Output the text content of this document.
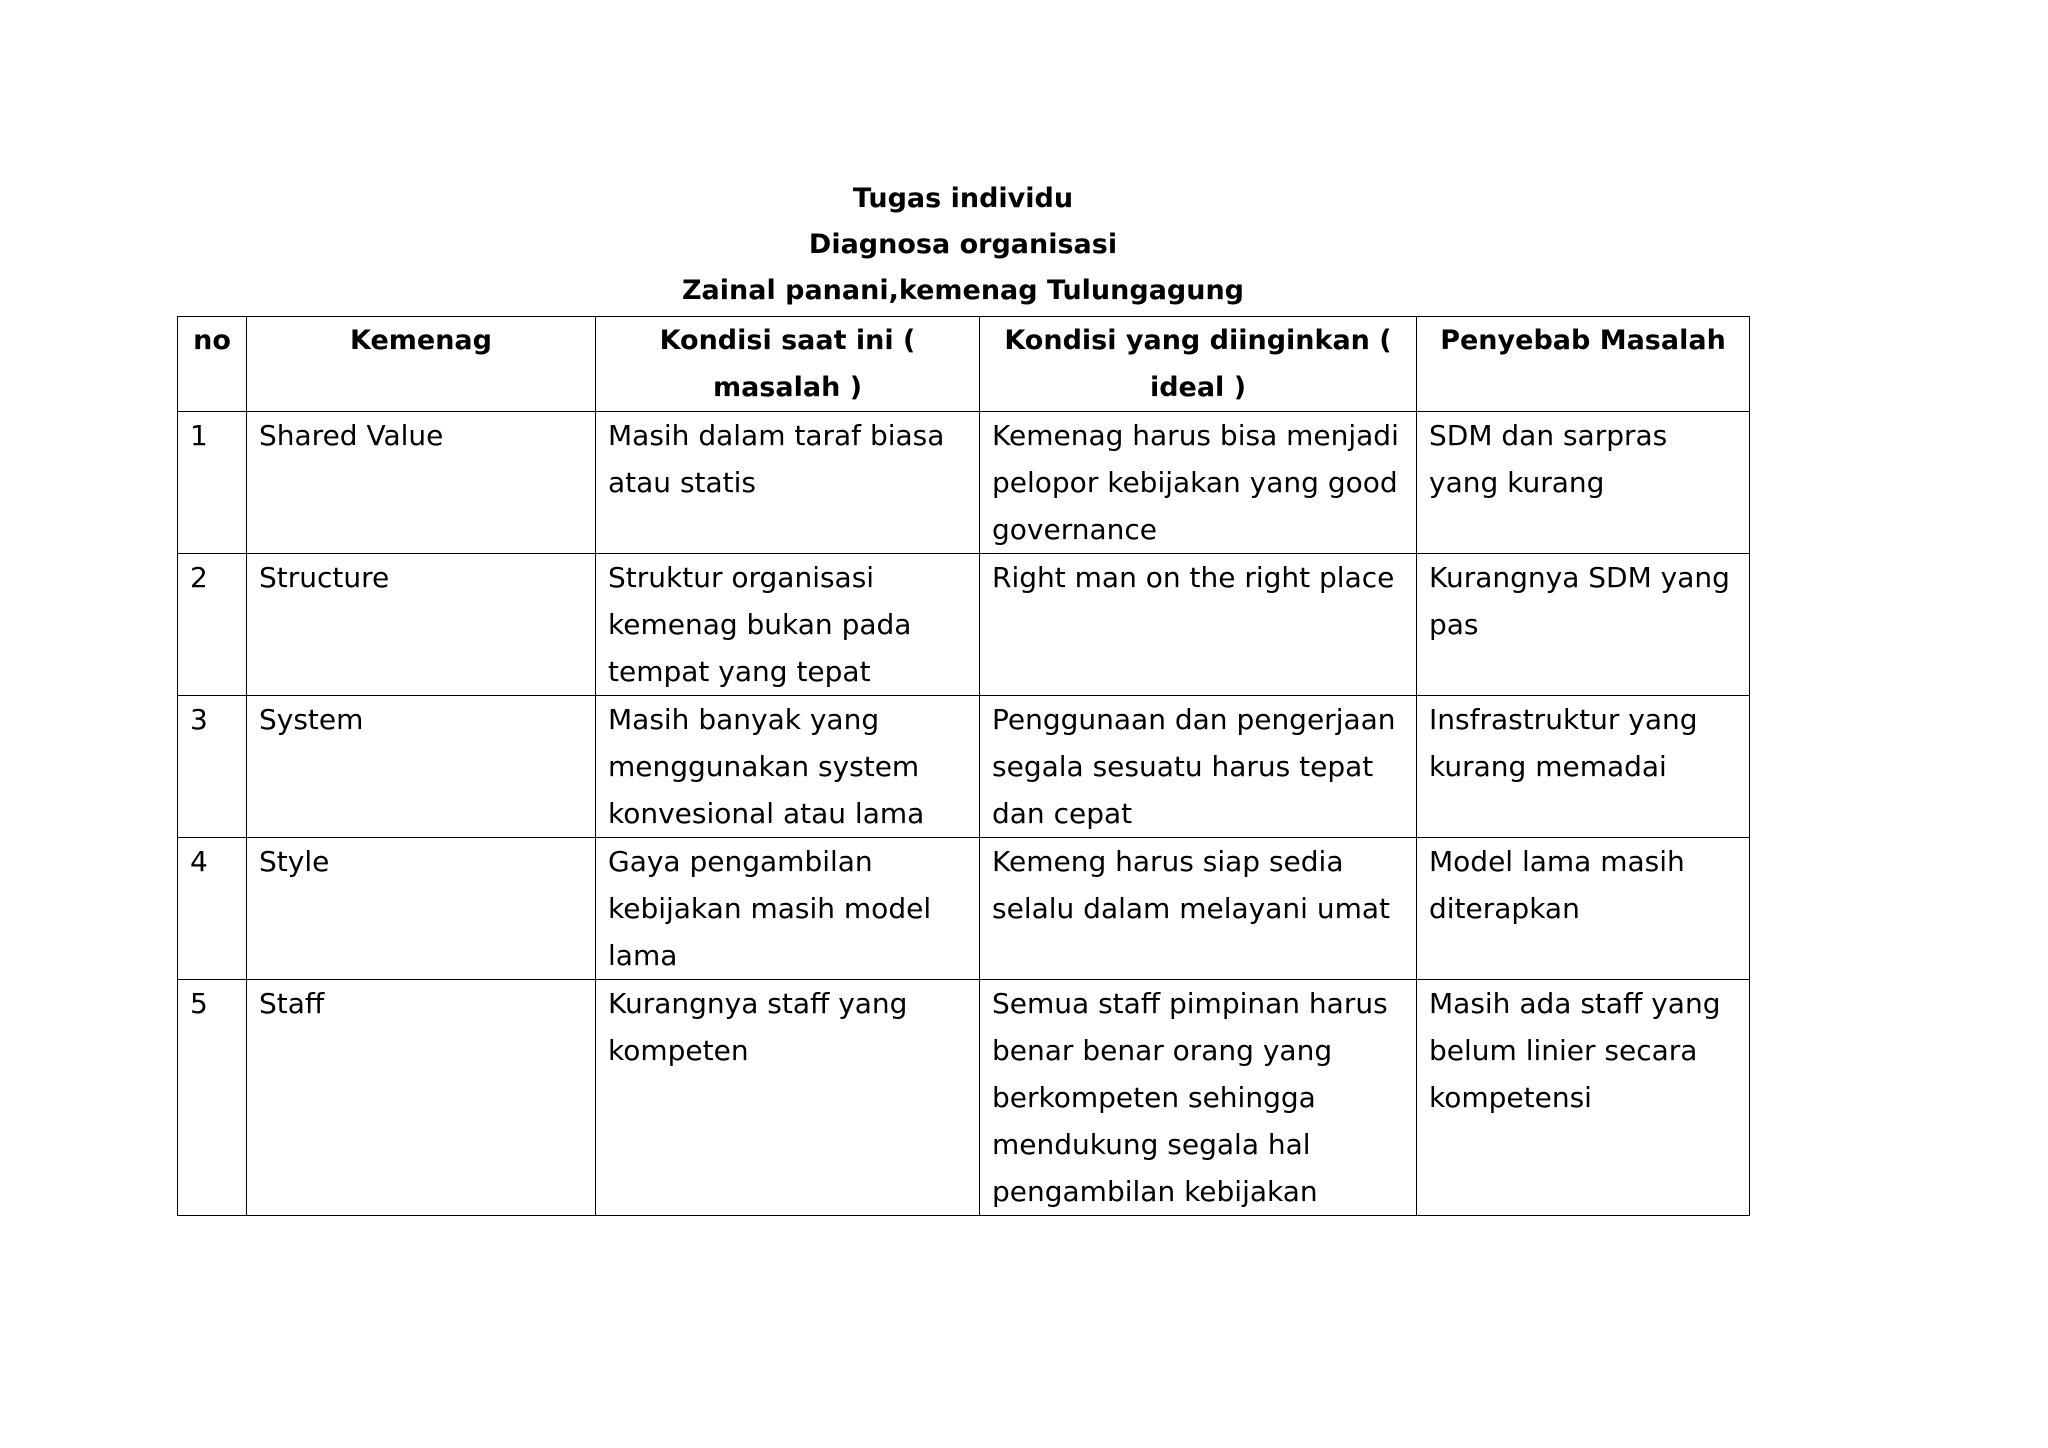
Tugas individu
Diagnosa organisasi
Zainal panani,kemenag Tulungagung
no	Kemenag	Kondisi saat ini ( masalah )	Kondisi yang diinginkan ( ideal )	Penyebab Masalah
1	Shared Value	Masih dalam taraf biasa atau statis	Kemenag harus bisa menjadi pelopor kebijakan yang good governance	SDM dan sarpras yang kurang
2	Structure	Struktur organisasi kemenag bukan pada tempat yang tepat	Right man on the right place	Kurangnya SDM yang pas
3	System	Masih banyak yang menggunakan system konvesional atau lama	Penggunaan dan pengerjaan segala sesuatu harus tepat dan cepat	Insfrastruktur yang kurang memadai
4	Style	Gaya pengambilan kebijakan masih model lama	Kemeng harus siap sedia selalu dalam melayani umat	Model lama masih diterapkan
5	Staff	Kurangnya staff yang kompeten	Semua staff pimpinan harus benar benar orang yang berkompeten sehingga mendukung segala hal pengambilan kebijakan	Masih ada staff yang belum linier secara kompetensi
